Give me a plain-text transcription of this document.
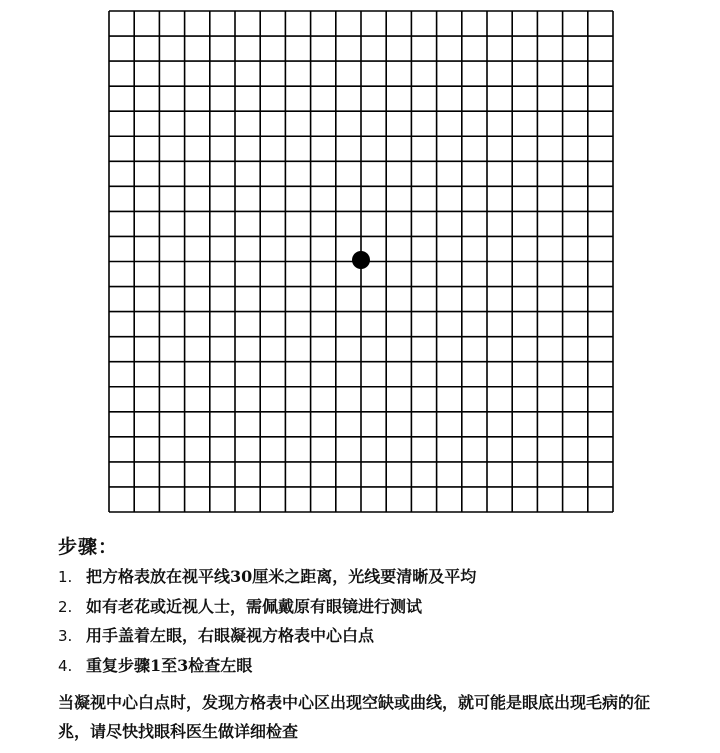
步骤：
1. 把方格表放在视平线30厘米之距离，光线要清晰及平均
2. 如有老花或近视人士，需佩戴原有眼镜进行测试
3. 用手盖着左眼，右眼凝视方格表中心白点
4. 重复步骤1至3检查左眼

当凝视中心白点时，发现方格表中心区出现空缺或曲线，就可能是眼底出现毛病的征兆，请尽快找眼科医生做详细检查
